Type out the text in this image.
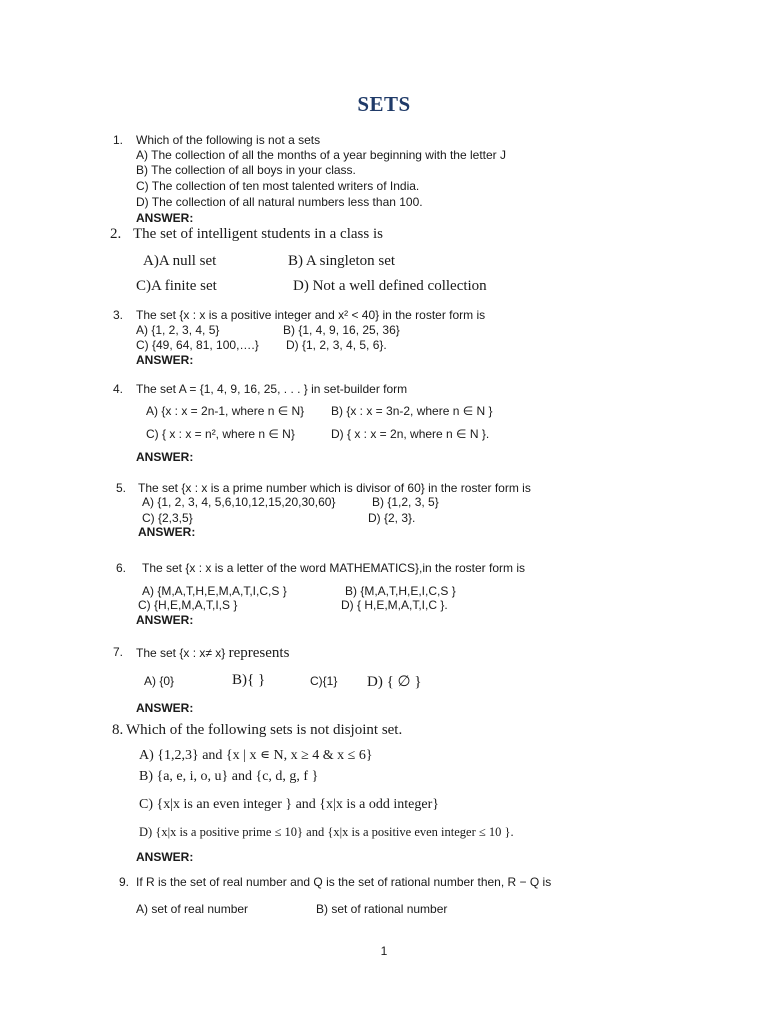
SETS
1. Which of the following is not a sets
A) The collection of all the months of a year beginning with the letter J
B) The collection of all boys in your class.
C) The collection of ten most talented writers of India.
D) The collection of all natural numbers less than 100.
ANSWER:
2. The set of intelligent students in a class is
A)A null set	B) A singleton set
C)A finite set	D) Not a well defined collection
3. The set {x : x is a positive integer and x² < 40} in the roster form is
A) {1, 2, 3, 4, 5}	B) {1, 4, 9, 16, 25, 36}
C) {49, 64, 81, 100,….} D) {1, 2, 3, 4, 5, 6}.
ANSWER:
4. The set A = {1, 4, 9, 16, 25, . . . } in set-builder form
A) {x : x = 2n-1, where n ∈ N} B) {x : x = 3n-2, where n ∈ N }
C) { x : x = n², where n ∈ N}	D) { x : x = 2n, where n ∈ N }.
ANSWER:
5. The set {x : x is a prime number which is divisor of 60} in the roster form is
A) {1, 2, 3, 4, 5,6,10,12,15,20,30,60}	B) {1,2, 3, 5}
C) {2,3,5}	D) {2, 3}.
ANSWER:
6. The set {x : x is a letter of the word MATHEMATICS},in the roster form is
A) {M,A,T,H,E,M,A,T,I,C,S }	B) {M,A,T,H,E,I,C,S }
C) {H,E,M,A,T,I,S }	D) { H,E,M,A,T,I,C }.
ANSWER:
7. The set {x : x≠ x} represents
A) {0}	B){ }	C){1} D) { ∅ }
ANSWER:
8. Which of the following sets is not disjoint set.
A) {1,2,3} and {x | x ∊ N, x ≥ 4 & x ≤ 6}
B) {a, e, i, o, u} and {c, d, g, f }
C) {x|x is an even integer } and {x|x is a odd integer}
D) {x|x is a positive prime ≤ 10} and {x|x is a positive even integer ≤ 10 }.
ANSWER:
9. If R is the set of real number and Q is the set of rational number then, R − Q is
A) set of real number	B) set of rational number
1
